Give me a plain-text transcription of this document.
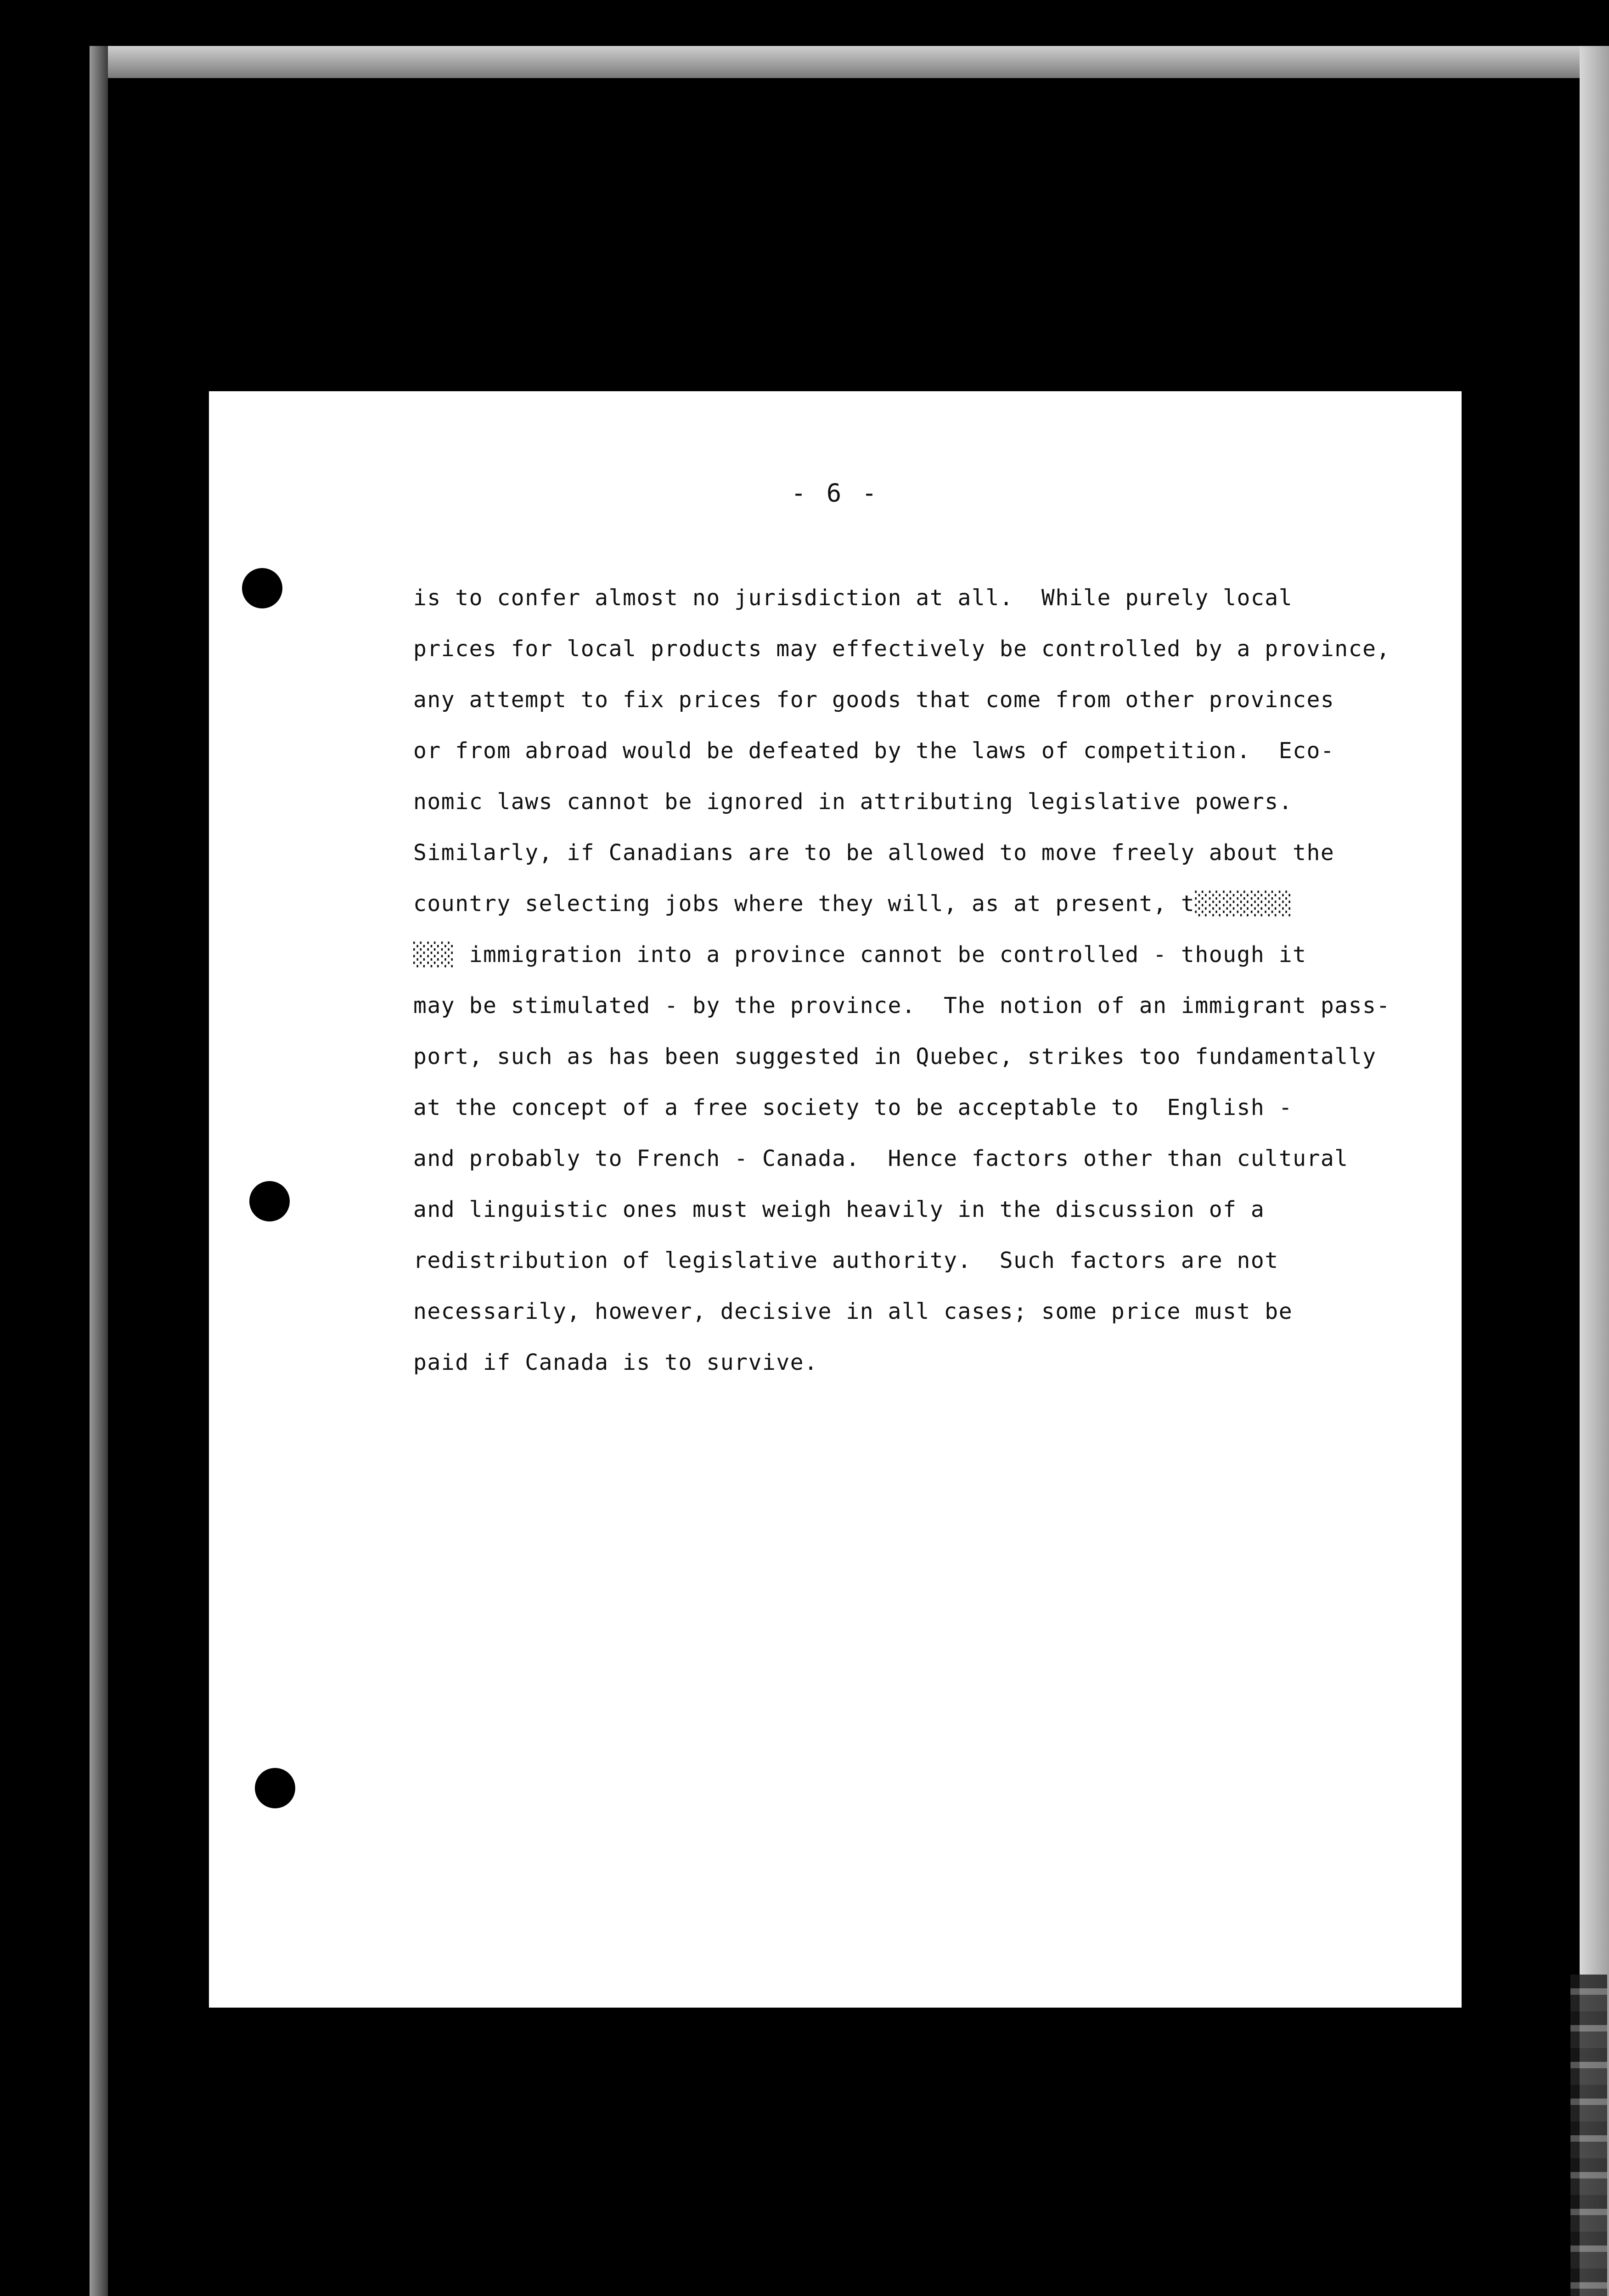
- 6 -
is to confer almost no jurisdiction at all.  While purely local
prices for local products may effectively be controlled by a province,
any attempt to fix prices for goods that come from other provinces
or from abroad would be defeated by the laws of competition.  Eco-
nomic laws cannot be ignored in attributing legislative powers.
Similarly, if Canadians are to be allowed to move freely about the
country selecting jobs where they will, as at present, t░░░░░░░
░░░ immigration into a province cannot be controlled - though it
may be stimulated - by the province.  The notion of an immigrant pass-
port, such as has been suggested in Quebec, strikes too fundamentally
at the concept of a free society to be acceptable to  English -
and probably to French - Canada.  Hence factors other than cultural
and linguistic ones must weigh heavily in the discussion of a
redistribution of legislative authority.  Such factors are not
necessarily, however, decisive in all cases; some price must be
paid if Canada is to survive.
